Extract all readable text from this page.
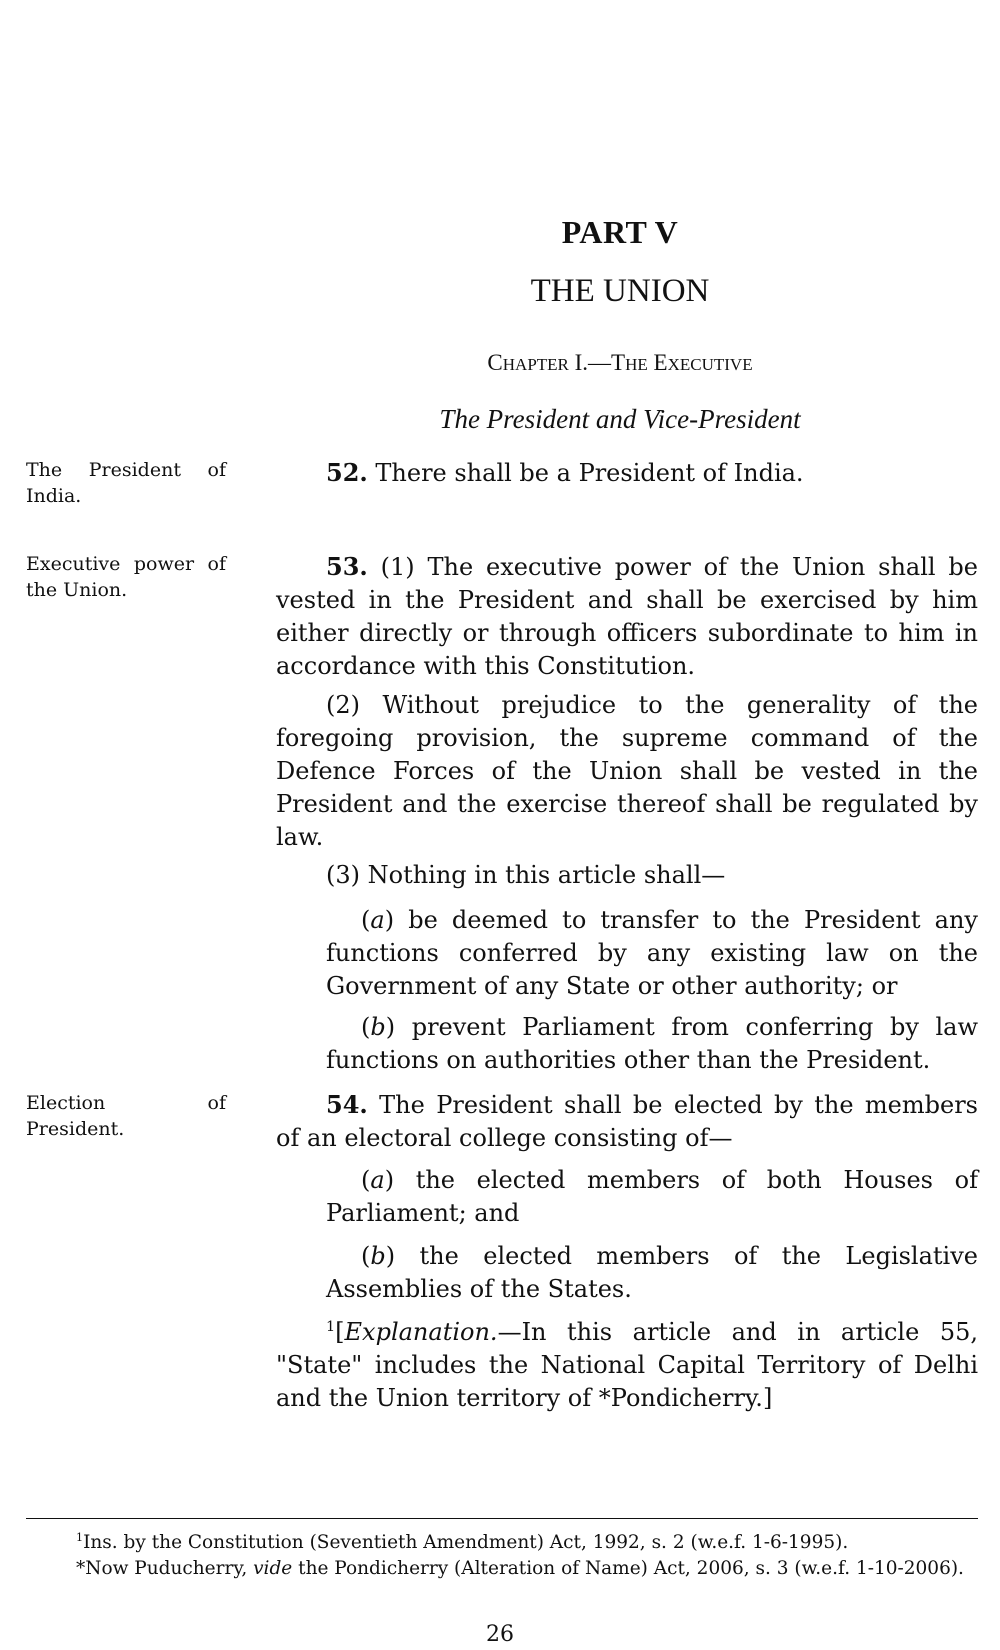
PART V
THE UNION
CHAPTER I.—THE EXECUTIVE
The President and Vice-President
The President of India.
Executive power of the Union.
Election of President.

52. There shall be a President of India.

53. (1) The executive power of the Union shall be vested in the President and shall be exercised by him either directly or through officers subordinate to him in accordance with this Constitution.

(2) Without prejudice to the generality of the foregoing provision, the supreme command of the Defence Forces of the Union shall be vested in the President and the exercise thereof shall be regulated by law.

(3) Nothing in this article shall—

(a) be deemed to transfer to the President any functions conferred by any existing law on the Government of any State or other authority; or

(b) prevent Parliament from conferring by law functions on authorities other than the President.

54. The President shall be elected by the members of an electoral college consisting of—

(a) the elected members of both Houses of Parliament; and

(b) the elected members of the Legislative Assemblies of the States.

$^1$[Explanation.—In this article and in article 55, "State" includes the National Capital Territory of Delhi and the Union territory of *Pondicherry.]

$^1$Ins. by the Constitution (Seventieth Amendment) Act, 1992, s. 2 (w.e.f. 1-6-1995).
*Now Puducherry, vide the Pondicherry (Alteration of Name) Act, 2006, s. 3 (w.e.f. 1-10-2006).
26
